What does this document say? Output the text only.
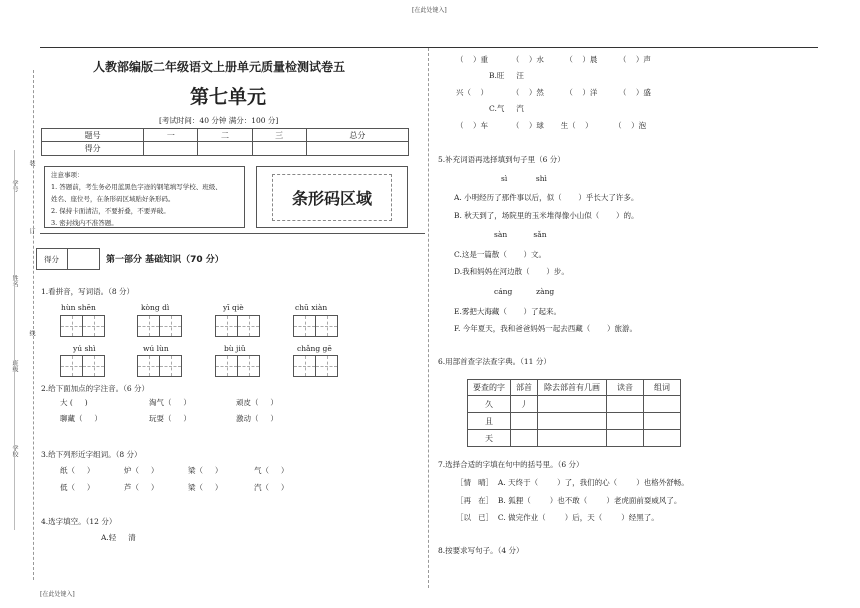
[在此处键入]
[在此处键入]
学号
姓名
班级
学校
装
订
线
人教部编版二年级语文上册单元质量检测试卷五
第七单元
[考试时间：40 分钟 满分：100 分]
题号	一	二	三	总分
得分				
注意事项：
1. 答题前，考生务必用蓝黑色字迹的钢笔填写学校、班级、
姓名、座位号，在条形码区域贴好条形码。
2. 保持卡面清洁，不要折叠，不要弄破。
3. 密封线内不准答题。
条形码区域
得分	第一部分 基础知识（70 分）
1.看拼音，写词语。（8 分）
hùn shēn	kòng dì	yī qiè	chū xiàn
yú shì	wú lùn	bù jiǔ	chǎng gē
2.给下面加点的字注音。（6 分）
大 (     )	淘气（     ）	顽皮（     ）
聊藏（     ）	玩耍（     ）	激动（     ）
3.给下列形近字组词。（8 分）
纸（     ）	炉（     ）	梁（     ）	气（     ）
低（     ）	芦（     ）	梁（     ）	汽（     ）
4.选字填空。（12 分）
A.轻     清
（    ）重          （    ）水         （    ）晨         （    ）声
B.旺     汪
兴（    ）          （    ）然         （    ）洋         （    ）盛
C.气     汽
（    ）车          （    ）球       生（    ）         （    ）泡
5.补充词语再选择填到句子里（6 分）
sì            shì
A. 小明经历了那件事以后，似（       ）乎长大了许多。
B. 秋天到了，场院里的玉米堆得像小山似（       ）的。
sàn           sǎn
C.这是一篇散（       ）文。
D.我和妈妈在河边散（       ）步。
cáng          zàng
E.雾把大海藏（       ）了起来。
F. 今年夏天，我和爸爸妈妈一起去西藏（       ）旅游。
6.用部首查字法查字典。（11 分）
要查的字	部首	除去部首有几画	读音	组词
久	丿			
且				
天				
7.选择合适的字填在句中的括号里。（6 分）
［情   晴］  A. 天终于（        ）了，我们的心（        ）也格外舒畅。
［再   在］  B. 狐狸（        ）也不敢（        ）老虎面前耍威风了。
［以   已］  C. 做完作业（        ）后，天（        ）经黑了。
8.按要求写句子。（4 分）
